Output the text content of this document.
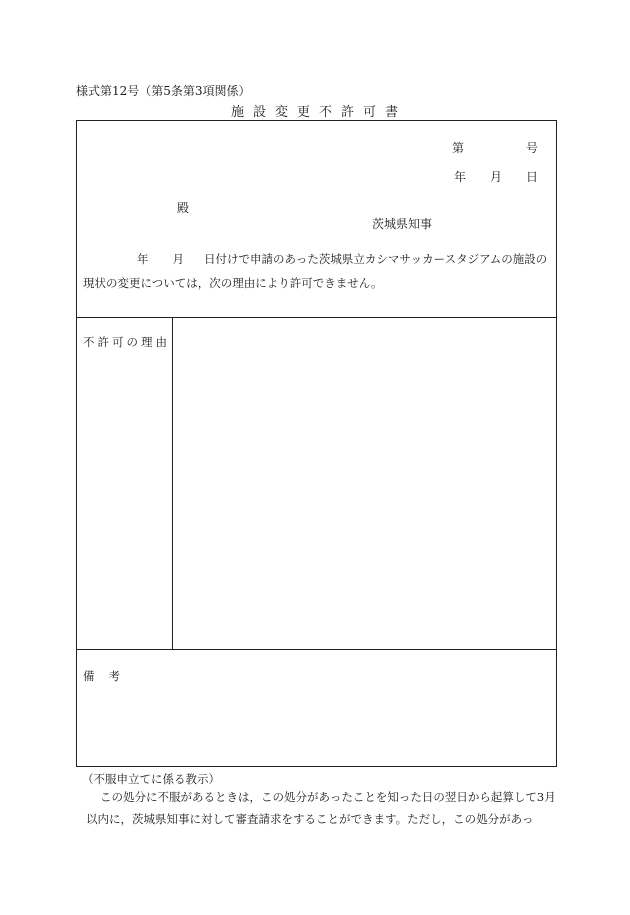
様式第12号（第5条第3項関係）
施設変更不許可書
第	号
年 月 日
殿
茨城県知事
年 月 日付けで申請のあった茨城県立カシマサッカースタジアムの施設の現状の変更については，次の理由により許可できません。
不許可の理由
備考
（不服申立てに係る教示）
この処分に不服があるときは，この処分があったことを知った日の翌日から起算して3月以内に，茨城県知事に対して審査請求をすることができます。ただし，この処分があっ
